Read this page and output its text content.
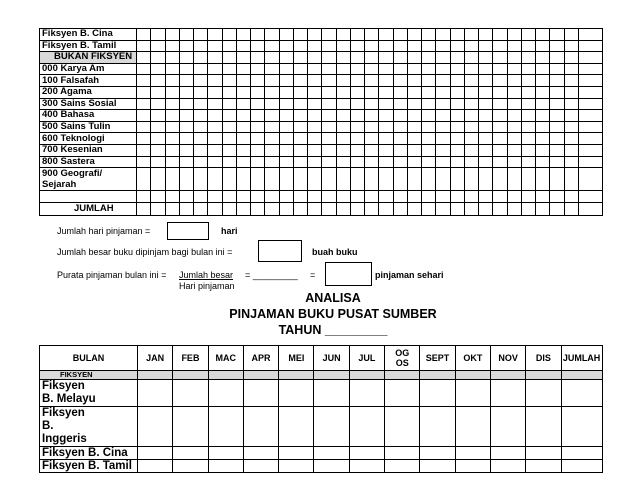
Fiksyen B. Cina																																
Fiksyen B. Tamil																																
BUKAN FIKSYEN																																
000 Karya Am																																
100 Falsafah																																
200 Agama																																
300 Sains Sosial																																
400 Bahasa																																
500 Sains Tulin																																
600 Teknologi																																
700 Kesenian																																
800 Sastera																																
900 Geografi/ Sejarah																																

JUMLAH																																
Jumlah hari pinjaman =	hari
Jumlah besar buku dipinjam bagi bulan ini =	buah buku
Purata pinjaman bulan ini = Jumlah besar = _________ =	pinjaman sehari
Hari pinjaman
ANALISA
PINJAMAN BUKU PUSAT SUMBER
TAHUN _________
BULAN	JAN	FEB	MAC	APR	MEI	JUN	JUL	OGOS	SEPT	OKT	NOV	DIS	JUMLAH
FIKSYEN													
Fiksyen B. Melayu													
Fiksyen B. Inggeris													
Fiksyen B. Cina													
Fiksyen B. Tamil													
